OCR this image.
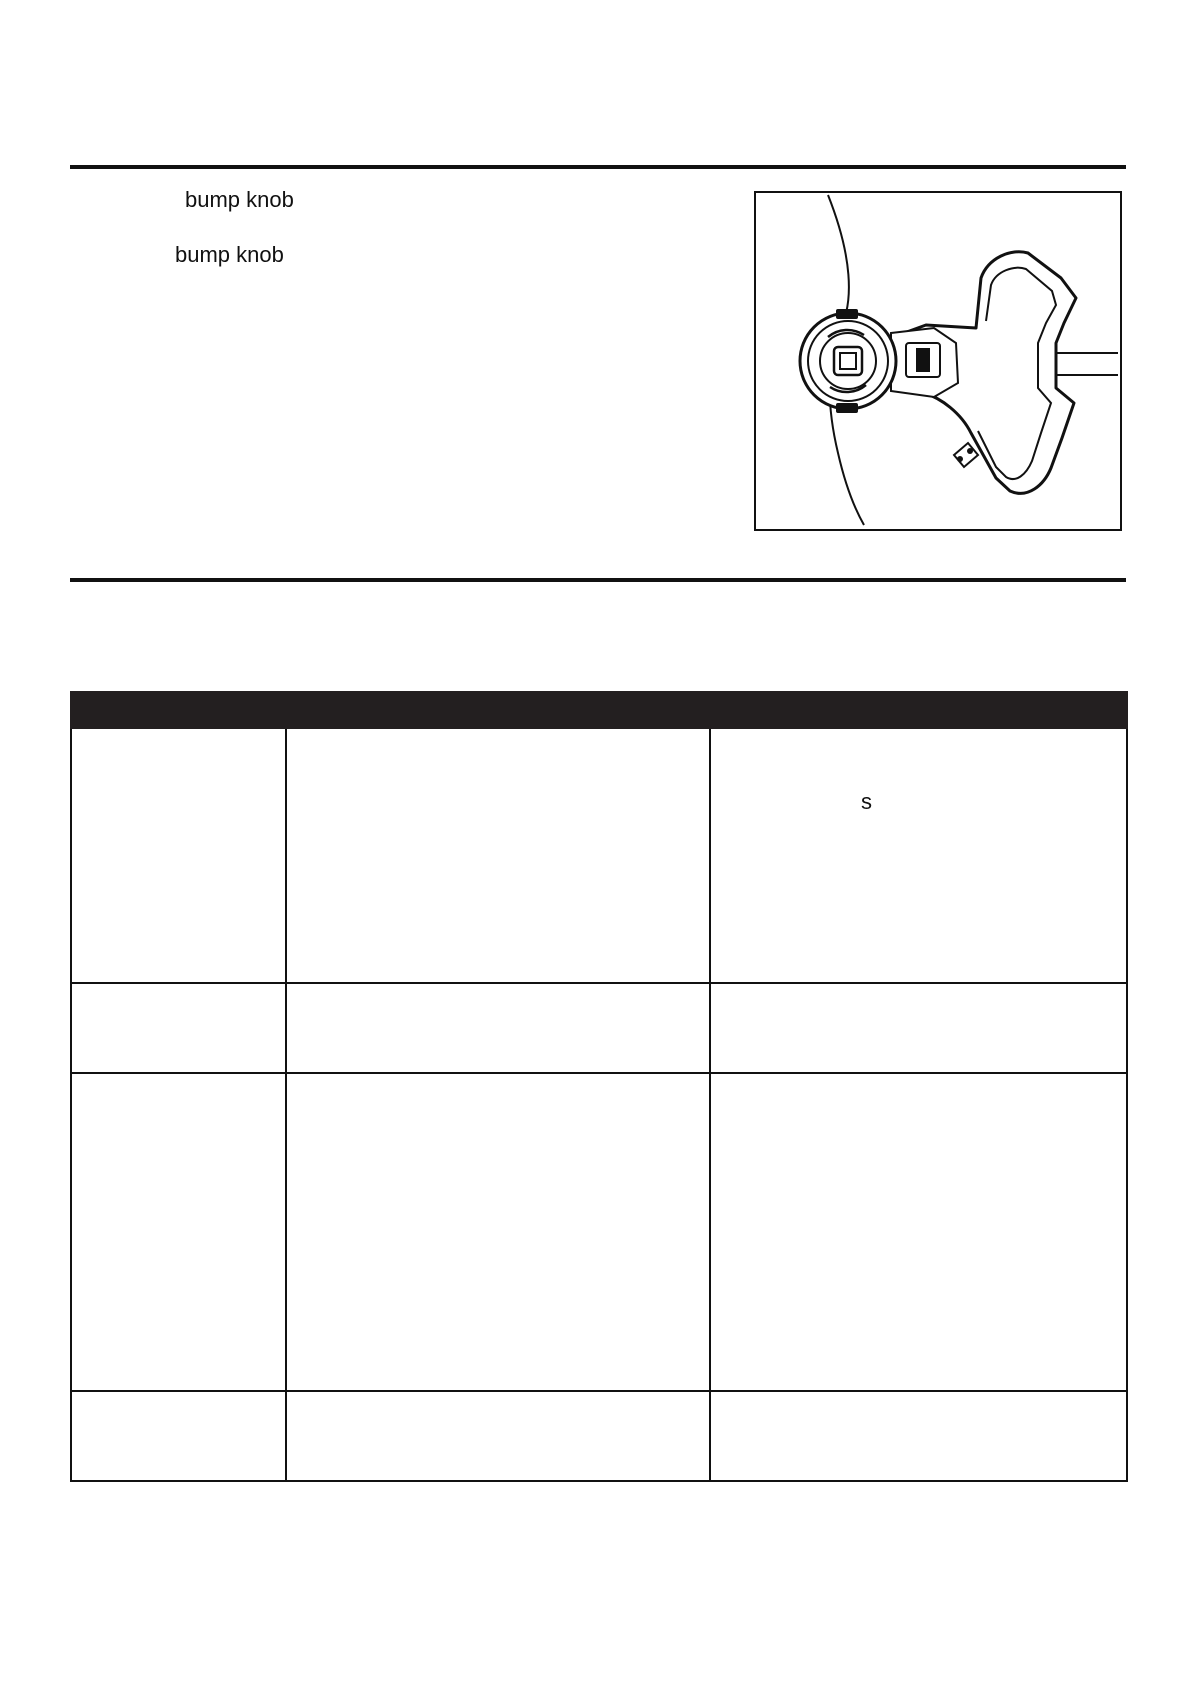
bump knob
bump knob

		s
